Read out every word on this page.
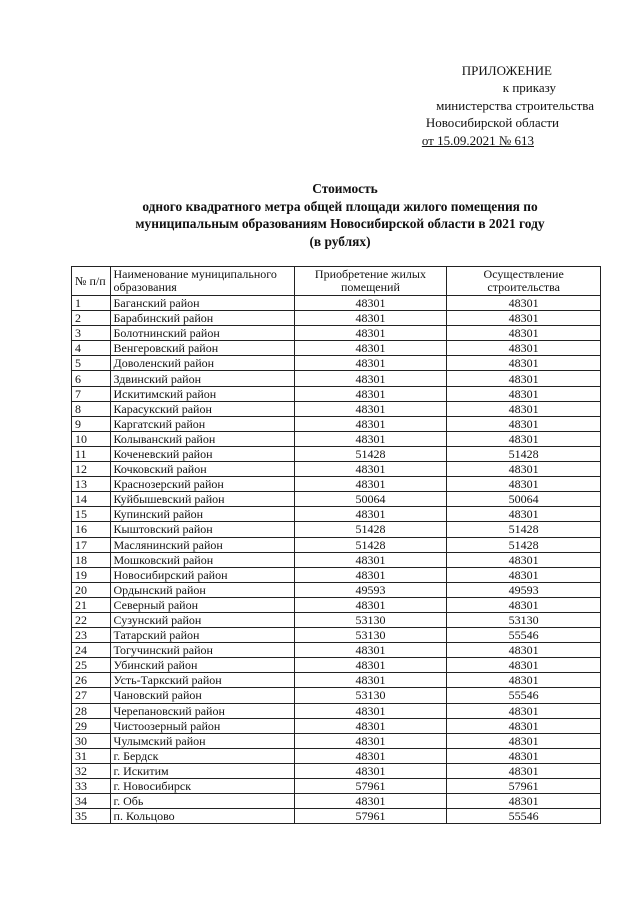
ПРИЛОЖЕНИЕ
к приказу
министерства строительства
Новосибирской области
от 15.09.2021 № 613
Стоимость
одного квадратного метра общей площади жилого помещения по
муниципальным образованиям Новосибирской области в 2021 году
(в рублях)
№ п/п	Наименование муниципального образования	Приобретение жилых помещений	Осуществление строительства
1	Баганский район	48301	48301
2	Барабинский район	48301	48301
3	Болотнинский район	48301	48301
4	Венгеровский район	48301	48301
5	Доволенский район	48301	48301
6	Здвинский район	48301	48301
7	Искитимский район	48301	48301
8	Карасукский район	48301	48301
9	Каргатский район	48301	48301
10	Колыванский район	48301	48301
11	Коченевский район	51428	51428
12	Кочковский район	48301	48301
13	Краснозерский район	48301	48301
14	Куйбышевский район	50064	50064
15	Купинский район	48301	48301
16	Кыштовский район	51428	51428
17	Маслянинский район	51428	51428
18	Мошковский район	48301	48301
19	Новосибирский район	48301	48301
20	Ордынский район	49593	49593
21	Северный район	48301	48301
22	Сузунский район	53130	53130
23	Татарский район	53130	55546
24	Тогучинский район	48301	48301
25	Убинский район	48301	48301
26	Усть-Таркский район	48301	48301
27	Чановский район	53130	55546
28	Черепановский район	48301	48301
29	Чистоозерный район	48301	48301
30	Чулымский район	48301	48301
31	г. Бердск	48301	48301
32	г. Искитим	48301	48301
33	г. Новосибирск	57961	57961
34	г. Обь	48301	48301
35	п. Кольцово	57961	55546
